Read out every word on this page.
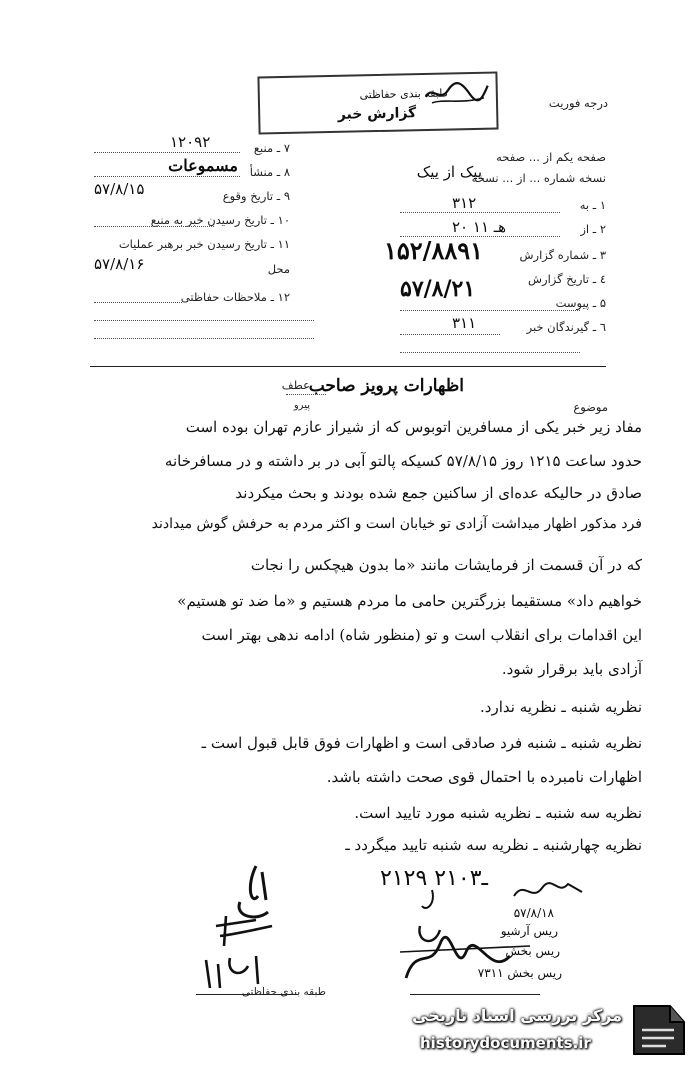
درجه فوریت
طبقه بندی حفاظتی
گزارش خبر
صفحه یکم از ... صفحه
نسخه شماره ... از ... نسخه
ییک از ییک
۱ ـ به
۳۱۲
۲ ـ از
۲۰ هـ ۱۱
۳ ـ شماره گزارش
۱۵۲/۸۸۹۱
٤ ـ تاریخ گزارش
۵۷/۸/۲۱
۵ ـ پیوست
٦ ـ گیرندگان خبر
۳۱۱
۷ ـ منبع
۱۲۰۹۲
۸ ـ منشأ
مسموعات
۹ ـ تاریخ وقوع
۵۷/۸/۱۵
۱۰ ـ تاریخ رسیدن خبر به منبع
۱۱ ـ تاریخ رسیدن خبر برهبر عملیات
محل
۵۷/۸/۱۶
۱۲ ـ ملاحظات حفاظتی
موضوع
اظهارات پرویز صاحب
عطف
پیرو
مفاد زیر خبر یکی از مسافرین اتوبوس که از شیراز عازم تهران بوده است
حدود ساعت ۱۲۱۵ روز ۵۷/۸/۱۵ کسیکه پالتو آبی در بر داشته و در مسافرخانه
صادق در حالیکه عده‌ای از ساکنین جمع شده بودند و بحث میکردند
فرد مذکور اظهار میداشت آزادی تو خیابان است و اکثر مردم به حرفش گوش میدادند
که در آن قسمت از فرمایشات مانند «ما بدون هیچکس را نجات
خواهیم داد» مستقیما بزرگترین حامی ما مردم هستیم و «ما ضد تو هستیم»
این اقدامات برای انقلاب است و تو (منظور شاه) ادامه ندهی بهتر است
آزادی باید برقرار شود.
نظریه شنبه ـ نظریه ندارد.
نظریه شنبه ـ شنبه فرد صادقی است و اظهارات فوق قابل قبول است ـ
اظهارات نامبرده با احتمال قوی صحت داشته باشد.
نظریه سه شنبه ـ نظریه شنبه مورد تایید است.
نظریه چهارشنبه ـ نظریه سه شنبه تایید میگردد ـ
۲۱۲۹ ۲ـ۱۰۳
۵۷/۸/۱۸
ریس آرشیو
ریس بخش
ریس بخش ۷۳۱۱
طبقه بندی حفاظتی
مرکز بررسی اسناد تاریخی
historydocuments.ir
